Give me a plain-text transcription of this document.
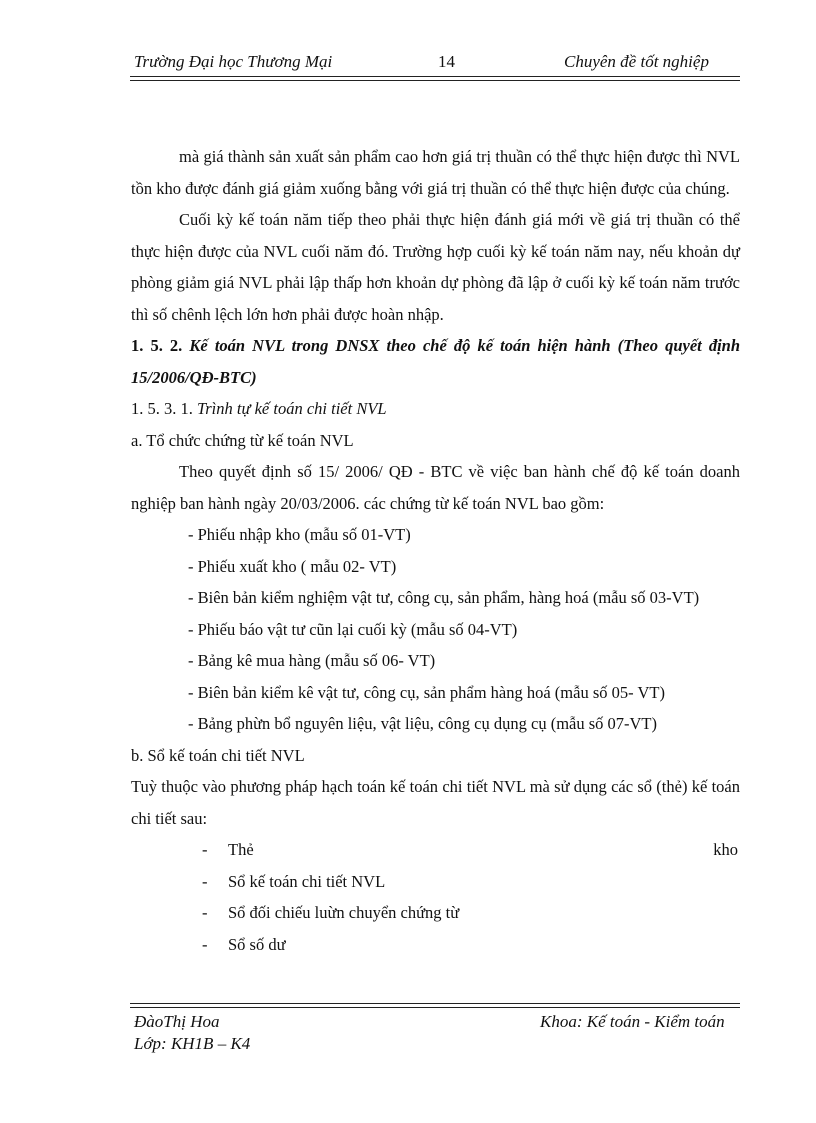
Trường Đại học Thương Mại	14	Chuyên đề tốt nghiệp

mà giá thành sản xuất sản phẩm cao hơn giá trị thuần có thể thực hiện được thì NVL tồn kho được đánh giá giảm xuống bằng với giá trị thuần có thể thực hiện được của chúng.

Cuối kỳ kế toán năm tiếp theo phải thực hiện đánh giá mới về giá trị thuần có thể thực hiện được của NVL cuối năm đó. Trường hợp cuối kỳ kế toán năm nay, nếu khoản dự phòng giảm giá NVL phải lập thấp hơn khoản dự phòng đã lập ở cuối kỳ kế toán năm trước thì số chênh lệch lớn hơn phải được hoàn nhập.

1. 5. 2. Kế toán NVL trong DNSX theo chế độ kế toán hiện hành (Theo quyết định 15/2006/QĐ-BTC)

1. 5. 3. 1. Trình tự kế toán chi tiết NVL

a. Tổ chức chứng từ kế toán NVL

Theo quyết định số 15/ 2006/ QĐ - BTC về việc ban hành chế độ kế toán doanh nghiệp ban hành ngày 20/03/2006. các chứng từ kế toán NVL bao gồm:

- Phiếu nhập kho (mẫu số 01-VT)

- Phiếu xuất kho ( mẫu 02- VT)

- Biên bản kiểm nghiệm vật tư, công cụ, sản phẩm, hàng hoá (mẫu số 03-VT)

- Phiếu báo vật tư cũn lại cuối kỳ (mẫu số 04-VT)

- Bảng kê mua hàng (mẫu số 06- VT)

- Biên bản kiểm kê vật tư, công cụ, sản phẩm hàng hoá (mẫu số 05- VT)

- Bảng phừn bổ nguyên liệu, vật liệu, công cụ dụng cụ (mẫu số 07-VT)

b. Sổ kế toán chi tiết NVL

Tuỳ thuộc vào phương pháp hạch toán kế toán chi tiết NVL mà sử dụng các sổ (thẻ) kế toán chi tiết sau:

- Thẻ	kho
- Sổ kế toán chi tiết NVL
- Sổ đối chiếu luừn chuyển chứng từ
- Sổ số dư
ĐàoThị Hoa
Lớp: KH1B – K4
Khoa: Kế toán - Kiểm toán
